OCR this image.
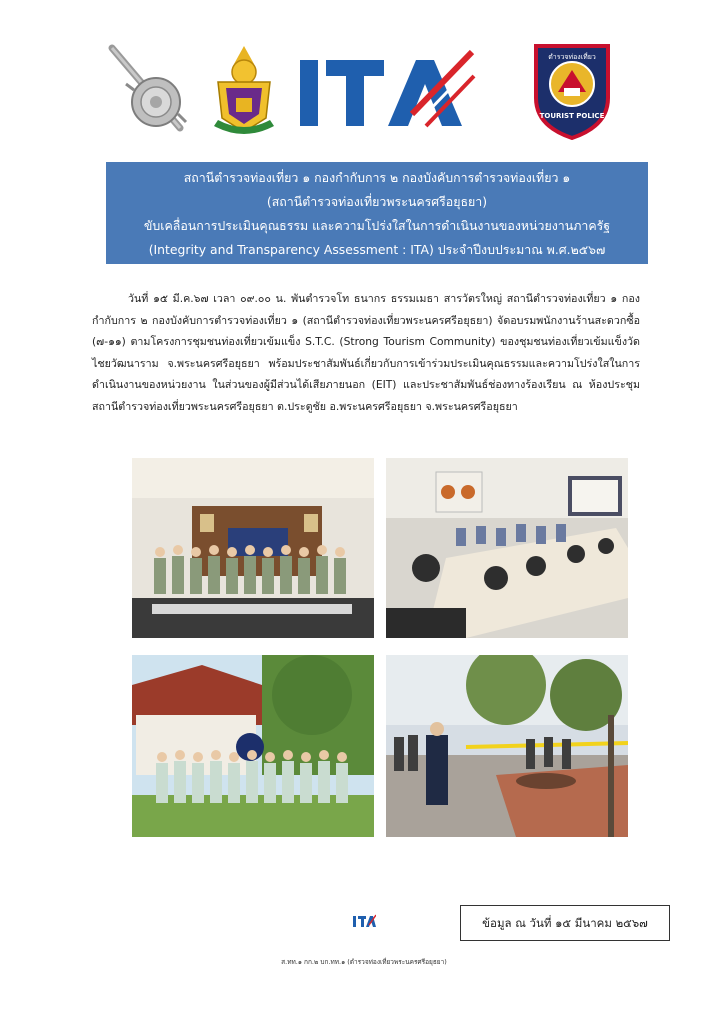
ตำรวจท่องเที่ยว
TOURIST POLICE
สถานีตำรวจท่องเที่ยว ๑ กองกำกับการ ๒ กองบังคับการตำรวจท่องเที่ยว ๑
(สถานีตำรวจท่องเที่ยวพระนครศรีอยุธยา)
ขับเคลื่อนการประเมินคุณธรรม และความโปร่งใสในการดำเนินงานของหน่วยงานภาครัฐ
(Integrity and Transparency Assessment : ITA) ประจำปีงบประมาณ พ.ศ.๒๕๖๗
วันที่ ๑๕ มี.ค.๖๗ เวลา ๐๙.๐๐ น. พันตำรวจโท ธนากร ธรรมเมธา สารวัตรใหญ่ สถานีตำรวจท่องเที่ยว ๑ กองกำกับการ ๒ กองบังคับการตำรวจท่องเที่ยว ๑ (สถานีตำรวจท่องเที่ยวพระนครศรีอยุธยา) จัดอบรมพนักงานร้านสะดวกซื้อ (๗-๑๑) ตามโครงการชุมชนท่องเที่ยวเข้มแข็ง S.T.C. (Strong Tourism Community) ของชุมชนท่องเที่ยวเข้มแข็งวัดไชยวัฒนาราม จ.พระนครศรีอยุธยา พร้อมประชาสัมพันธ์เกี่ยวกับการเข้าร่วมประเมินคุณธรรมและความโปร่งใสในการดำเนินงานของหน่วยงาน ในส่วนของผู้มีส่วนได้เสียภายนอก (EIT) และประชาสัมพันธ์ช่องทางร้องเรียน ณ ห้องประชุมสถานีตำรวจท่องเที่ยวพระนครศรีอยุธยา ต.ประตูชัย อ.พระนครศรีอยุธยา จ.พระนครศรีอยุธยา
ข้อมูล ณ วันที่ ๑๕ มีนาคม ๒๕๖๗
ส.ทท.๑ กก.๒ บก.ทท.๑ (ตำรวจท่องเที่ยวพระนครศรีอยุธยา)
